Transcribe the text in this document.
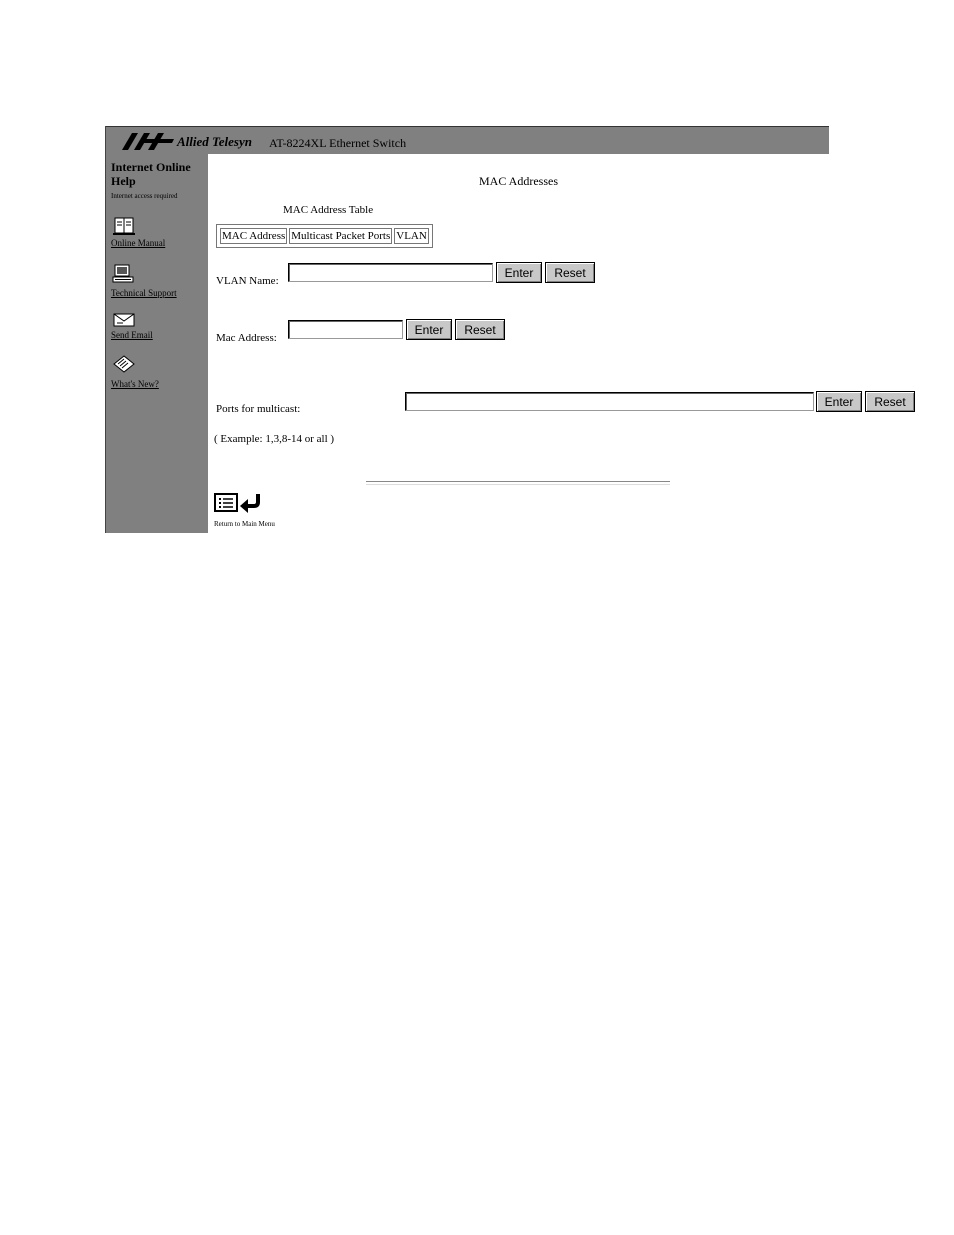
Allied Telesyn AT-8224XL Ethernet Switch
Internet Online Help
Internet access required
Online Manual
Technical Support
Send Email
What's New?
MAC Addresses
MAC Address Table
MAC Address	Multicast Packet Ports	VLAN
VLAN Name:
Enter	Reset
Mac Address:
Enter	Reset
Ports for multicast:
Enter	Reset
( Example: 1,3,8-14 or all )
Return to Main Menu
